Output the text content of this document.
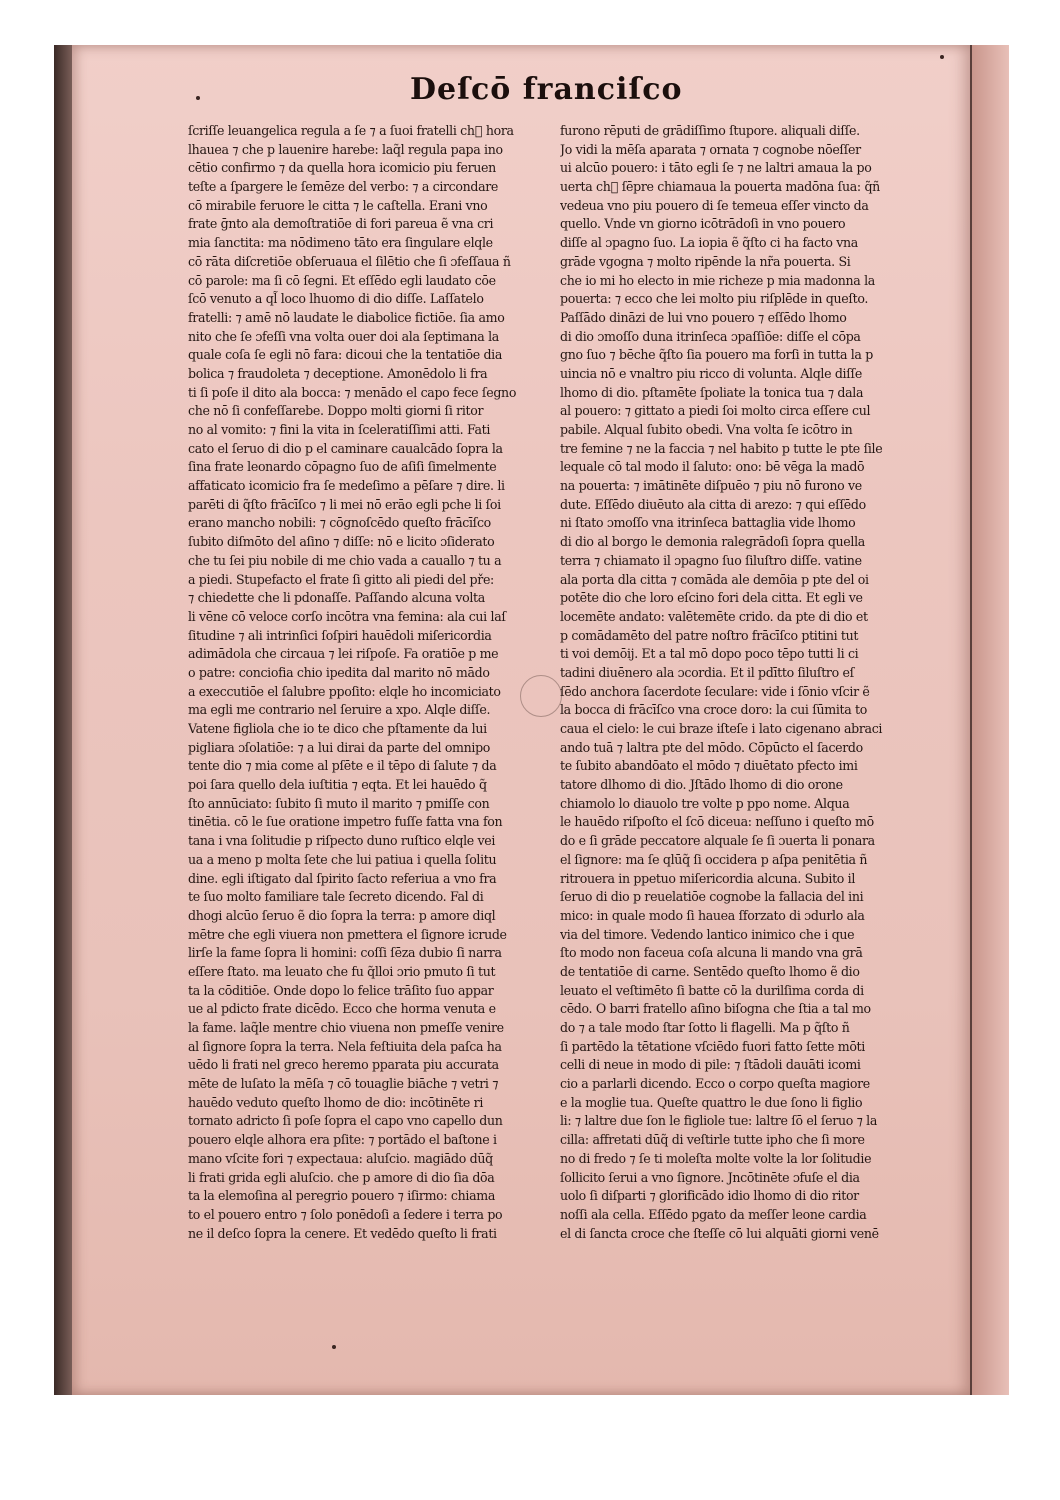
Deſcō franciſco
ſcriſſe leuangelica regula a ſe ⁊ a ſuoi fratelli ch᷑ hora
lhauea ⁊ che p lauenire harebe: laq̃l regula papa ino
cētio confirmo ⁊ da quella hora icomicio piu feruen
teſte a ſpargere le ſemēze del verbo: ⁊ a circondare
cō mirabile feruore le citta ⁊ le caſtella. Erani vno
frate ḡnto ala demoſtratiōe di fori pareua ẽ vna cri
mia ſanctita: ma nōdimeno tāto era ſingulare elqle
cō rāta diſcretiōe obſeruaua el ſilētio che ſi ɔfeſſaua ñ
cō parole: ma ſi cō ſegni. Et eſſēdo egli laudato cōe
ſcō venuto a ql̃ loco lhuomo di dio diſſe. Laſſatelo
fratelli: ⁊ amē nō laudate le diabolice fictiōe. ſia amo
nito che ſe ɔfeſſi vna volta ouer doi ala ſeptimana la
quale coſa ſe egli nō fara: dicoui che la tentatiōe dia
bolica ⁊ fraudoleta ⁊ deceptione. Amonēdolo li fra
ti ſi poſe il dito ala bocca: ⁊ menādo el capo fece ſegno
che nō ſi confeſſarebe. Doppo molti giorni ſi ritor
no al vomito: ⁊ fini la vita in ſceleratiſſimi atti. Fati
cato el ſeruo di dio p el caminare caualcādo ſopra la
ſina frate leonardo cōpagno ſuo de aſiſi ſimelmente
affaticato icomicio fra ſe medeſimo a pēſare ⁊ dire. li
parēti di q̃ſto frācīſco ⁊ li mei nō erāo egli pche li ſoi
erano mancho nobili: ⁊ cōgnoſcēdo queſto frācīſco
ſubito diſmōto del aſino ⁊ diſſe: nō e licito ɔſiderato
che tu ſei piu nobile di me chio vada a cauallo ⁊ tu a
a piedi. Stupefacto el frate ſi gitto ali piedi del pře:
⁊ chiedette che li pdonaſſe. Paſſando alcuna volta
li vēne cō veloce corſo incōtra vna femina: ala cui laſ
ſitudine ⁊ ali intrinſici ſoſpiri hauēdoli miſericordia
adimādola che circaua ⁊ lei riſpoſe. Fa oratiōe p me
o patre: conciofia chio ipedita dal marito nō mādo
a execcutiōe el ſalubre ppoſito: elqle ho incomiciato
ma egli me contrario nel ſeruire a xpo. Alqle diſſe.
Vatene figliola che io te dico che pſtamente da lui
pigliara ɔſolatiōe: ⁊ a lui dirai da parte del omnipo
tente dio ⁊ mia come al pſēte e il tēpo di ſalute ⁊ da
poi ſara quello dela iuſtitia ⁊ eqta. Et lei hauēdo q̃
ſto annūciato: ſubito ſi muto il marito ⁊ pmiſſe con
tinētia. cō le ſue oratione impetro fuſſe fatta vna fon
tana i vna ſolitudie p riſpecto duno ruſtico elqle vei
ua a meno p molta ſete che lui patiua i quella ſolitu
dine. egli iſtigato dal ſpirito ſacto referiua a vno fra
te ſuo molto familiare tale ſecreto dicendo. Fal di
dhogi alcūo ſeruo ẽ dio ſopra la terra: p amore diql
mētre che egli viuera non pmettera el ſignore icrude
lirſe la fame ſopra li homini: coſſi ſēza dubio ſi narra
eſſere ſtato. ma leuato che fu q̃lloi ɔrio pmuto ſi tut
ta la cōditiōe. Onde dopo lo felice trāſito ſuo appar
ue al pdicto frate dicēdo. Ecco che horma venuta e
la fame. laq̃le mentre chio viuena non pmeſſe venire
al ſignore ſopra la terra. Nela feſtiuita dela paſca ha
uēdo li frati nel greco heremo pparata piu accurata
mēte de luſato la mēſa ⁊ cō touaglie biāche ⁊ vetri ⁊
hauēdo veduto queſto lhomo de dio: incōtinēte ri
tornato adricto ſi poſe ſopra el capo vno capello dun
pouero elqle alhora era pſite: ⁊ portādo el baſtone i
mano vſcite fori ⁊ expectaua: aluſcio. magiādo dūq̃
li frati grida egli aluſcio. che p amore di dio ſia dōa
ta la elemoſina al peregrio pouero ⁊ iſirmo: chiama
to el pouero entro ⁊ ſolo ponēdoſi a ſedere i terra po
ne il deſco ſopra la cenere. Et vedēdo queſto li frati
furono rēputi de grādiſſimo ſtupore. aliquali diſſe.
Jo vidi la mēſa aparata ⁊ ornata ⁊ cognobe nōeſſer
ui alcūo pouero: i tāto egli ſe ⁊ ne laltri amaua la po
uerta ch᷑ ſēpre chiamaua la pouerta madōna ſua: q̃ñ
vedeua vno piu pouero di ſe temeua eſſer vincto da
quello. Vnde vn giorno icōtrādoſi in vno pouero
diſſe al ɔpagno ſuo. La iopia ẽ q̃ſto ci ha facto vna
grāde vgogna ⁊ molto ripēnde la nr̃a pouerta. Si
che io mi ho electo in mie richeze p mia madonna la
pouerta: ⁊ ecco che lei molto piu riſplēde in queſto.
Paſſādo dināzi de lui vno pouero ⁊ eſſēdo lhomo
di dio ɔmoſſo duna itrinſeca ɔpaſſiōe: diſſe el cōpa
gno ſuo ⁊ bēche q̃ſto ſia pouero ma forſi in tutta la p
uincia nō e vnaltro piu ricco di volunta. Alqle diſſe
lhomo di dio. pſtamēte ſpoliate la tonica tua ⁊ dala
al pouero: ⁊ gittato a piedi ſoi molto circa eſſere cul
pabile. Alqual ſubito obedi. Vna volta ſe icōtro in
tre femine ⁊ ne la faccia ⁊ nel habito p tutte le pte ſile
lequale cō tal modo il ſaluto: ono: bē vēga la madō
na pouerta: ⁊ imātinēte diſpuēo ⁊ piu nō furono ve
dute. Eſſēdo diuēuto ala citta di arezo: ⁊ qui eſſēdo
ni ſtato ɔmoſſo vna itrinſeca battaglia vide lhomo
di dio al borgo le demonia ralegrādoſi ſopra quella
terra ⁊ chiamato il ɔpagno ſuo ſiluſtro diſſe. vatine
ala porta dla citta ⁊ comāda ale demōia p pte del oi
potēte dio che loro eſcino fori dela citta. Et egli ve
locemēte andato: valētemēte crido. da pte di dio et
p comādamēto del patre noſtro frācīſco ptitini tut
ti voi demōij. Et a tal mō dopo poco tēpo tutti li ci
tadini diuēnero ala ɔcordia. Et il pdītto ſiluſtro eſ
ſēdo anchora ſacerdote ſeculare: vide i ſōnio vſcir ẽ
la bocca di frācīſco vna croce doro: la cui ſūmita to
caua el cielo: le cui braze iſteſe i lato cigenano abraci
ando tuā ⁊ laltra pte del mōdo. Cōpūcto el ſacerdo
te ſubito abandōato el mōdo ⁊ diuētato pfecto imi
tatore dlhomo di dio. Jſtādo lhomo di dio orone
chiamolo lo diauolo tre volte p ppo nome. Alqua
le hauēdo riſpoſto el ſcō diceua: neſſuno i queſto mō
do e ſi grāde peccatore alquale ſe ſi ɔuerta li ponara
el ſignore: ma ſe qlūq̃ ſi occidera p aſpa penitētia ñ
ritrouera in ppetuo miſericordia alcuna. Subito il
ſeruo di dio p reuelatiōe cognobe la fallacia del ini
mico: in quale modo ſi hauea ſforzato di ɔdurlo ala
via del timore. Vedendo lantico inimico che i que
ſto modo non faceua coſa alcuna li mando vna grā
de tentatiōe di carne. Sentēdo queſto lhomo ẽ dio
leuato el veſtimēto ſi batte cō la durilſima corda di
cēdo. O barri fratello aſino biſogna che ſtia a tal mo
do ⁊ a tale modo ſtar ſotto li flagelli. Ma p q̃ſto ñ
ſi partēdo la tētatione vſciēdo fuori fatto ſette mōti
celli di neue in modo di pile: ⁊ ſtādoli dauāti icomi
cio a parlarli dicendo. Ecco o corpo queſta magiore
e la moglie tua. Queſte quattro le due ſono li figlio
li: ⁊ laltre due ſon le figliole tue: laltre ſō el ſeruo ⁊ la
cilla: affretati dūq̃ di veſtirle tutte ipho che ſi more
no di fredo ⁊ ſe ti moleſta molte volte la lor ſolitudie
ſollicito ſerui a vno ſignore. Jncōtinēte ɔfuſe el dia
uolo ſi diſparti ⁊ glorificādo idio lhomo di dio ritor
noſſi ala cella. Eſſēdo pgato da meſſer leone cardia
el di ſancta croce che ſteſſe cō lui alquāti giorni venē
